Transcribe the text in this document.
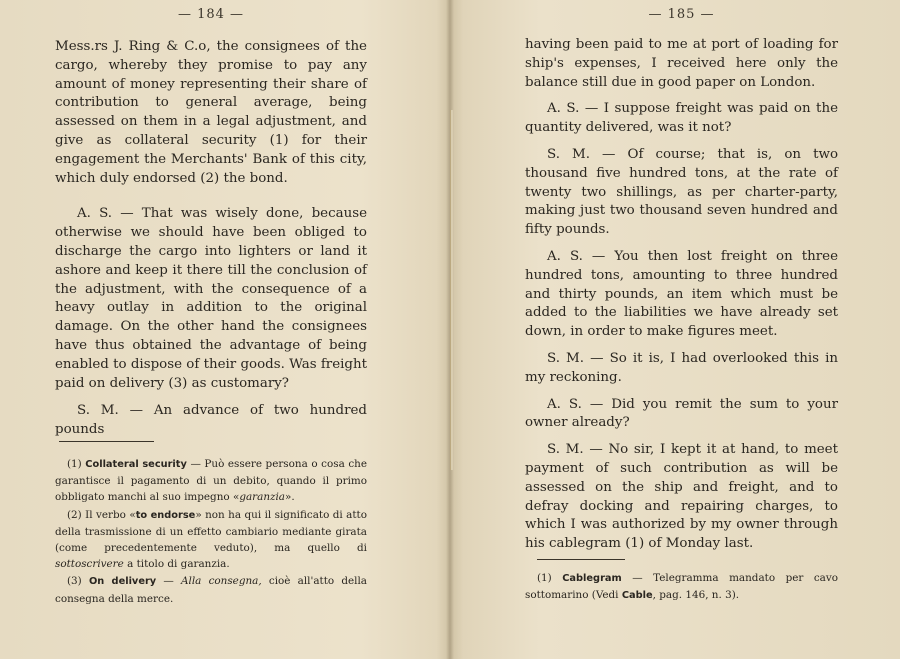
— 184 —

Mess.rs J. Ring & C.o, the consignees of the cargo, whereby they promise to pay any amount of money representing their share of contribution to general average, being assessed on them in a legal adjustment, and give as collateral security (1) for their engagement the Merchants' Bank of this city, which duly endorsed (2) the bond.

A. S. — That was wisely done, because otherwise we should have been obliged to discharge the cargo into lighters or land it ashore and keep it there till the conclusion of the adjustment, with the consequence of a heavy outlay in addition to the original damage. On the other hand the consignees have thus obtained the advantage of being enabled to dispose of their goods. Was freight paid on delivery (3) as customary?

S. M. — An advance of two hundred pounds

(1) Collateral security — Può essere persona o cosa che garantisce il pagamento di un debito, quando il primo obbligato manchi al suo impegno «garanzia».

(2) Il verbo «to endorse» non ha qui il significato di atto della trasmissione di un effetto cambiario mediante girata (come precedentemente veduto), ma quello di sottoscrivere a titolo di garanzia.

(3) On delivery — Alla consegna, cioè all'atto della consegna della merce.

— 185 —

having been paid to me at port of loading for ship's expenses, I received here only the balance still due in good paper on London.

A. S. — I suppose freight was paid on the quantity delivered, was it not?

S. M. — Of course; that is, on two thousand five hundred tons, at the rate of twenty two shillings, as per charter-party, making just two thousand seven hundred and fifty pounds.

A. S. — You then lost freight on three hundred tons, amounting to three hundred and thirty pounds, an item which must be added to the liabilities we have already set down, in order to make figures meet.

S. M. — So it is, I had overlooked this in my reckoning.

A. S. — Did you remit the sum to your owner already?

S. M. — No sir, I kept it at hand, to meet payment of such contribution as will be assessed on the ship and freight, and to defray docking and repairing charges, to which I was authorized by my owner through his cablegram (1) of Monday last.

(1) Cablegram — Telegramma mandato per cavo sottomarino (Vedi Cable, pag. 146, n. 3).
